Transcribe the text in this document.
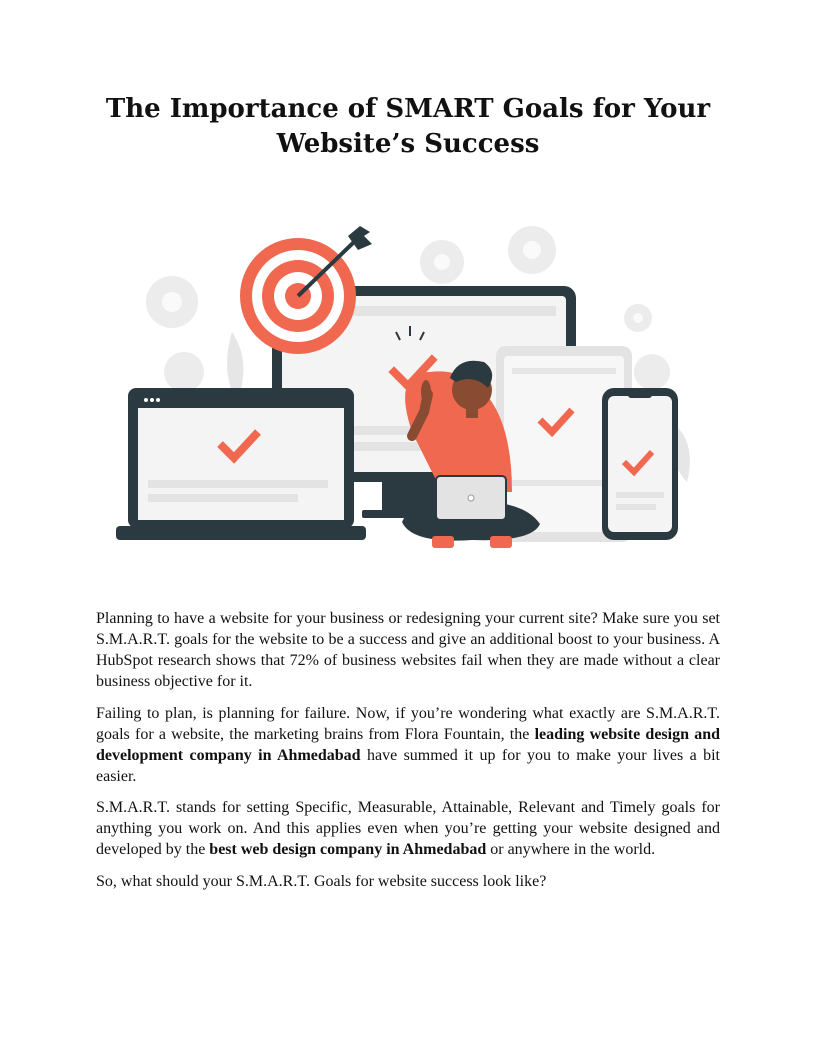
The Importance of SMART Goals for Your Website’s Success

Planning to have a website for your business or redesigning your current site? Make sure you set S.M.A.R.T. goals for the website to be a success and give an additional boost to your business. A HubSpot research shows that 72% of business websites fail when they are made without a clear business objective for it.

Failing to plan, is planning for failure. Now, if you’re wondering what exactly are S.M.A.R.T. goals for a website, the marketing brains from Flora Fountain, the leading website design and development company in Ahmedabad have summed it up for you to make your lives a bit easier.

S.M.A.R.T. stands for setting Specific, Measurable, Attainable, Relevant and Timely goals for anything you work on. And this applies even when you’re getting your website designed and developed by the best web design company in Ahmedabad or anywhere in the world.

So, what should your S.M.A.R.T. Goals for website success look like?
